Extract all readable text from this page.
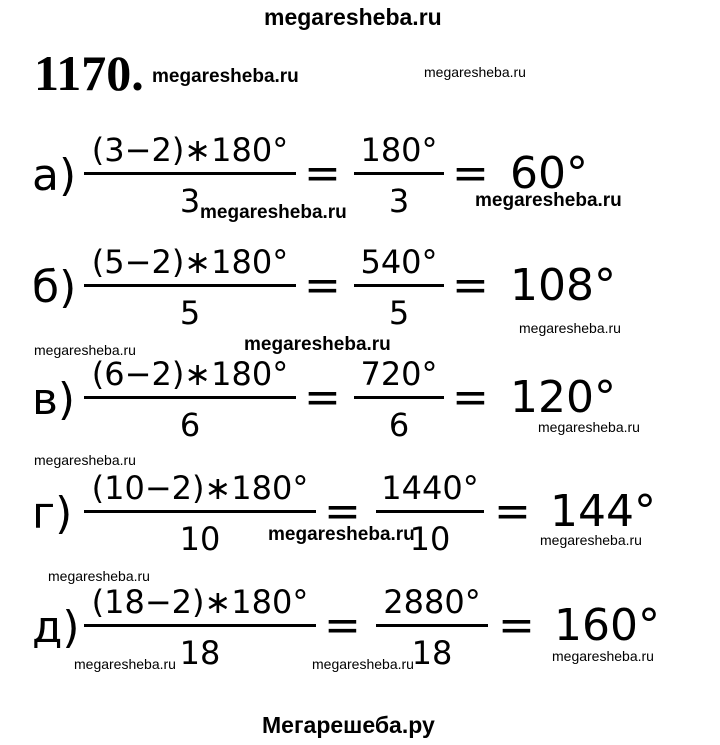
megaresheba.ru
Мегарешеба.ру
1170. megaresheba.ru	megaresheba.ru
megaresheba.ru
megaresheba.ru
megaresheba.ru
megaresheba.ru
megaresheba.ru
megaresheba.ru
megaresheba.ru
megaresheba.ru	megaresheba.ru
megaresheba.ru
megaresheba.ru	megaresheba.ru	megaresheba.ru
а) (3−2)∗180°
3
= 180°
3
= 60°
б) (5−2)∗180°
5
= 540°
5
= 108°
в) (6−2)∗180°
6
= 720°
6
= 120°
г) (10−2)∗180°
10
= 1440°
10
= 144°
д) (18−2)∗180°
18
= 2880°
18
= 160°
